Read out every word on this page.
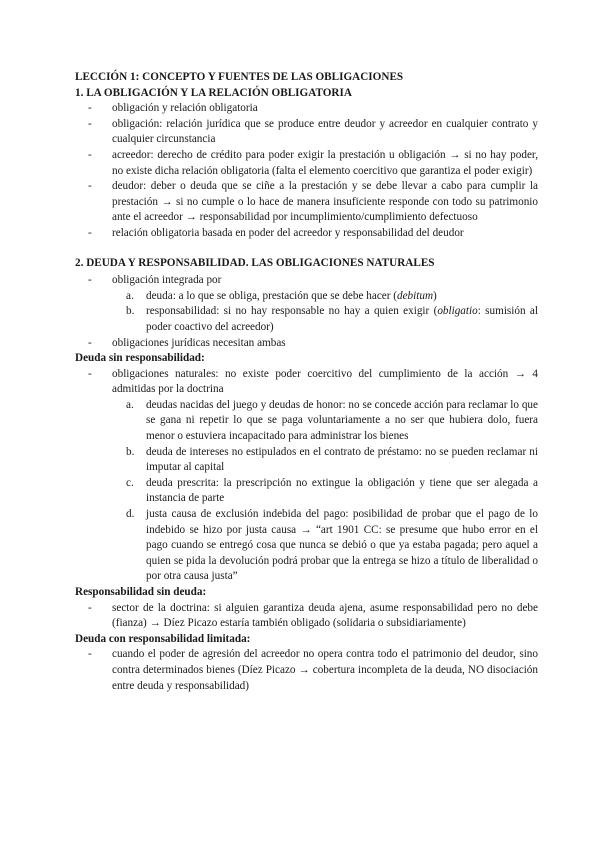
LECCIÓN 1: CONCEPTO Y FUENTES DE LAS OBLIGACIONES

1. LA OBLIGACIÓN Y LA RELACIÓN OBLIGATORIA

- obligación y relación obligatoria
- obligación: relación jurídica que se produce entre deudor y acreedor en cualquier contrato y cualquier circunstancia
- acreedor: derecho de crédito para poder exigir la prestación u obligación → si no hay poder, no existe dicha relación obligatoria (falta el elemento coercitivo que garantiza el poder exigir)
- deudor: deber o deuda que se ciñe a la prestación y se debe llevar a cabo para cumplir la prestación → si no cumple o lo hace de manera insuficiente responde con todo su patrimonio ante el acreedor → responsabilidad por incumplimiento/cumplimiento defectuoso
- relación obligatoria basada en poder del acreedor y responsabilidad del deudor

2. DEUDA Y RESPONSABILIDAD. LAS OBLIGACIONES NATURALES

- obligación integrada por
a. deuda: a lo que se obliga, prestación que se debe hacer (debitum)
b. responsabilidad: si no hay responsable no hay a quien exigir (obligatio: sumisión al poder coactivo del acreedor)
- obligaciones jurídicas necesitan ambas

Deuda sin responsabilidad:

- obligaciones naturales: no existe poder coercitivo del cumplimiento de la acción → 4 admitidas por la doctrina
a. deudas nacidas del juego y deudas de honor: no se concede acción para reclamar lo que se gana ni repetir lo que se paga voluntariamente a no ser que hubiera dolo, fuera menor o estuviera incapacitado para administrar los bienes
b. deuda de intereses no estipulados en el contrato de préstamo: no se pueden reclamar ni imputar al capital
c. deuda prescrita: la prescripción no extingue la obligación y tiene que ser alegada a instancia de parte
d. justa causa de exclusión indebida del pago: posibilidad de probar que el pago de lo indebido se hizo por justa causa → “art 1901 CC: se presume que hubo error en el pago cuando se entregó cosa que nunca se debió o que ya estaba pagada; pero aquel a quien se pida la devolución podrá probar que la entrega se hizo a título de liberalidad o por otra causa justa”

Responsabilidad sin deuda:

- sector de la doctrina: si alguien garantiza deuda ajena, asume responsabilidad pero no debe (fianza) → Díez Picazo estaría también obligado (solidaria o subsidiariamente)

Deuda con responsabilidad limitada:

- cuando el poder de agresión del acreedor no opera contra todo el patrimonio del deudor, sino contra determinados bienes (Díez Picazo → cobertura incompleta de la deuda, NO disociación entre deuda y responsabilidad)
